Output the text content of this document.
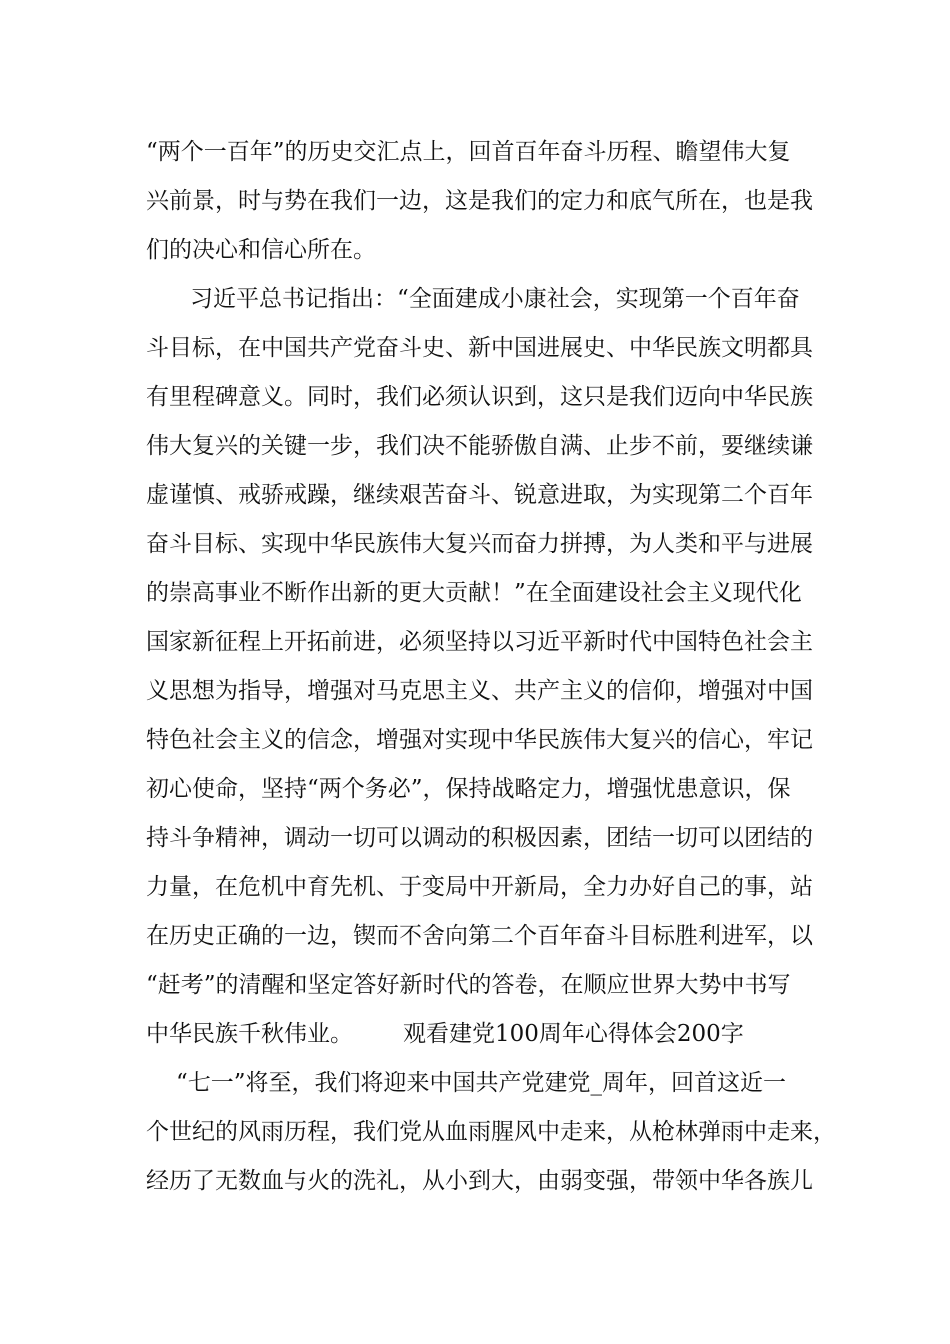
“两个一百年”的历史交汇点上，回首百年奋斗历程、瞻望伟大复
兴前景，时与势在我们一边，这是我们的定力和底气所在，也是我
们的决心和信心所在。
习近平总书记指出：“全面建成小康社会，实现第一个百年奋
斗目标，在中国共产党奋斗史、新中国进展史、中华民族文明都具
有里程碑意义。同时，我们必须认识到，这只是我们迈向中华民族
伟大复兴的关键一步，我们决不能骄傲自满、止步不前，要继续谦
虚谨慎、戒骄戒躁，继续艰苦奋斗、锐意进取，为实现第二个百年
奋斗目标、实现中华民族伟大复兴而奋力拼搏，为人类和平与进展
的崇高事业不断作出新的更大贡献！”在全面建设社会主义现代化
国家新征程上开拓前进，必须坚持以习近平新时代中国特色社会主
义思想为指导，增强对马克思主义、共产主义的信仰，增强对中国
特色社会主义的信念，增强对实现中华民族伟大复兴的信心，牢记
初心使命，坚持“两个务必”，保持战略定力，增强忧患意识，保
持斗争精神，调动一切可以调动的积极因素，团结一切可以团结的
力量，在危机中育先机、于变局中开新局，全力办好自己的事，站
在历史正确的一边，锲而不舍向第二个百年奋斗目标胜利进军，以
“赶考”的清醒和坚定答好新时代的答卷，在顺应世界大势中书写
中华民族千秋伟业。 观看建党100周年心得体会200字
“七一”将至，我们将迎来中国共产党建党_周年，回首这近一
个世纪的风雨历程，我们党从血雨腥风中走来，从枪林弹雨中走来，
经历了无数血与火的洗礼，从小到大，由弱变强，带领中华各族儿
